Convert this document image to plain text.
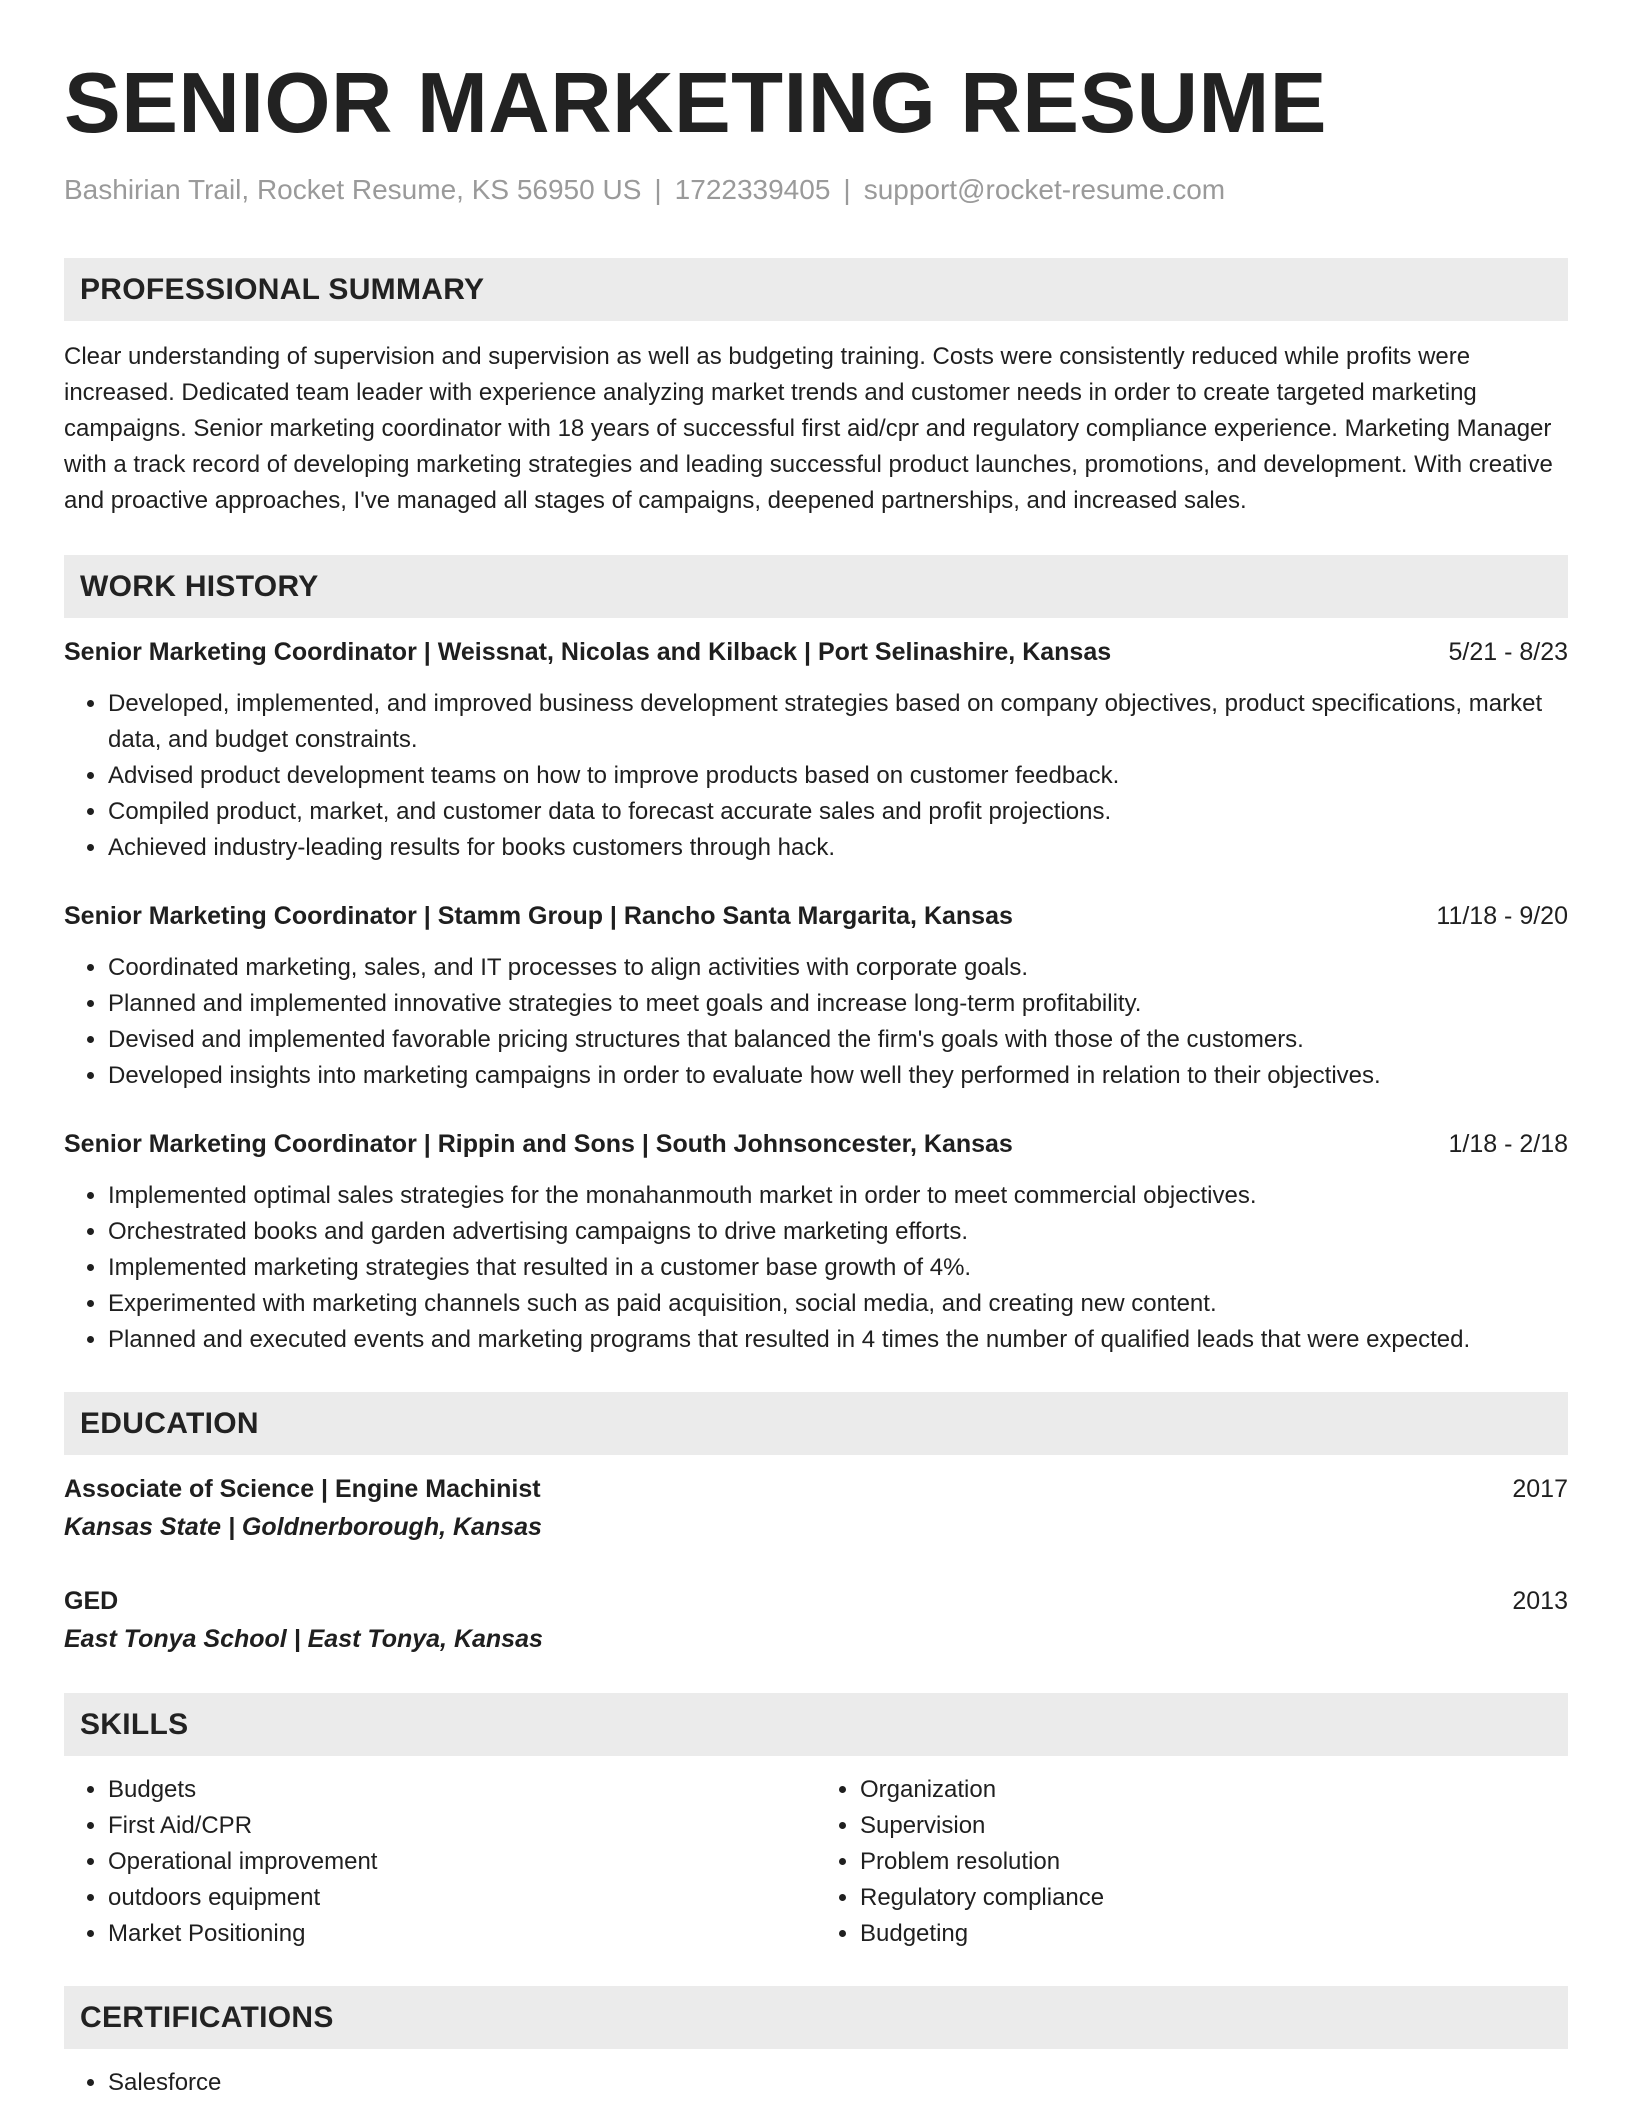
SENIOR MARKETING RESUME
Bashirian Trail, Rocket Resume, KS 56950 US | 1722339405 | support@rocket-resume.com
PROFESSIONAL SUMMARY
Clear understanding of supervision and supervision as well as budgeting training. Costs were consistently reduced while profits were increased. Dedicated team leader with experience analyzing market trends and customer needs in order to create targeted marketing campaigns. Senior marketing coordinator with 18 years of successful first aid/cpr and regulatory compliance experience. Marketing Manager with a track record of developing marketing strategies and leading successful product launches, promotions, and development. With creative and proactive approaches, I've managed all stages of campaigns, deepened partnerships, and increased sales.
WORK HISTORY
Senior Marketing Coordinator | Weissnat, Nicolas and Kilback | Port Selinashire, Kansas	5/21 - 8/23
• Developed, implemented, and improved business development strategies based on company objectives, product specifications, market data, and budget constraints.
• Advised product development teams on how to improve products based on customer feedback.
• Compiled product, market, and customer data to forecast accurate sales and profit projections.
• Achieved industry-leading results for books customers through hack.
Senior Marketing Coordinator | Stamm Group | Rancho Santa Margarita, Kansas	11/18 - 9/20
• Coordinated marketing, sales, and IT processes to align activities with corporate goals.
• Planned and implemented innovative strategies to meet goals and increase long-term profitability.
• Devised and implemented favorable pricing structures that balanced the firm's goals with those of the customers.
• Developed insights into marketing campaigns in order to evaluate how well they performed in relation to their objectives.
Senior Marketing Coordinator | Rippin and Sons | South Johnsoncester, Kansas	1/18 - 2/18
• Implemented optimal sales strategies for the monahanmouth market in order to meet commercial objectives.
• Orchestrated books and garden advertising campaigns to drive marketing efforts.
• Implemented marketing strategies that resulted in a customer base growth of 4%.
• Experimented with marketing channels such as paid acquisition, social media, and creating new content.
• Planned and executed events and marketing programs that resulted in 4 times the number of qualified leads that were expected.
EDUCATION
Associate of Science | Engine Machinist	2017
Kansas State | Goldnerborough, Kansas
GED	2013
East Tonya School | East Tonya, Kansas
SKILLS
• Budgets
• First Aid/CPR
• Operational improvement
• outdoors equipment
• Market Positioning
• Organization
• Supervision
• Problem resolution
• Regulatory compliance
• Budgeting
CERTIFICATIONS
• Salesforce
